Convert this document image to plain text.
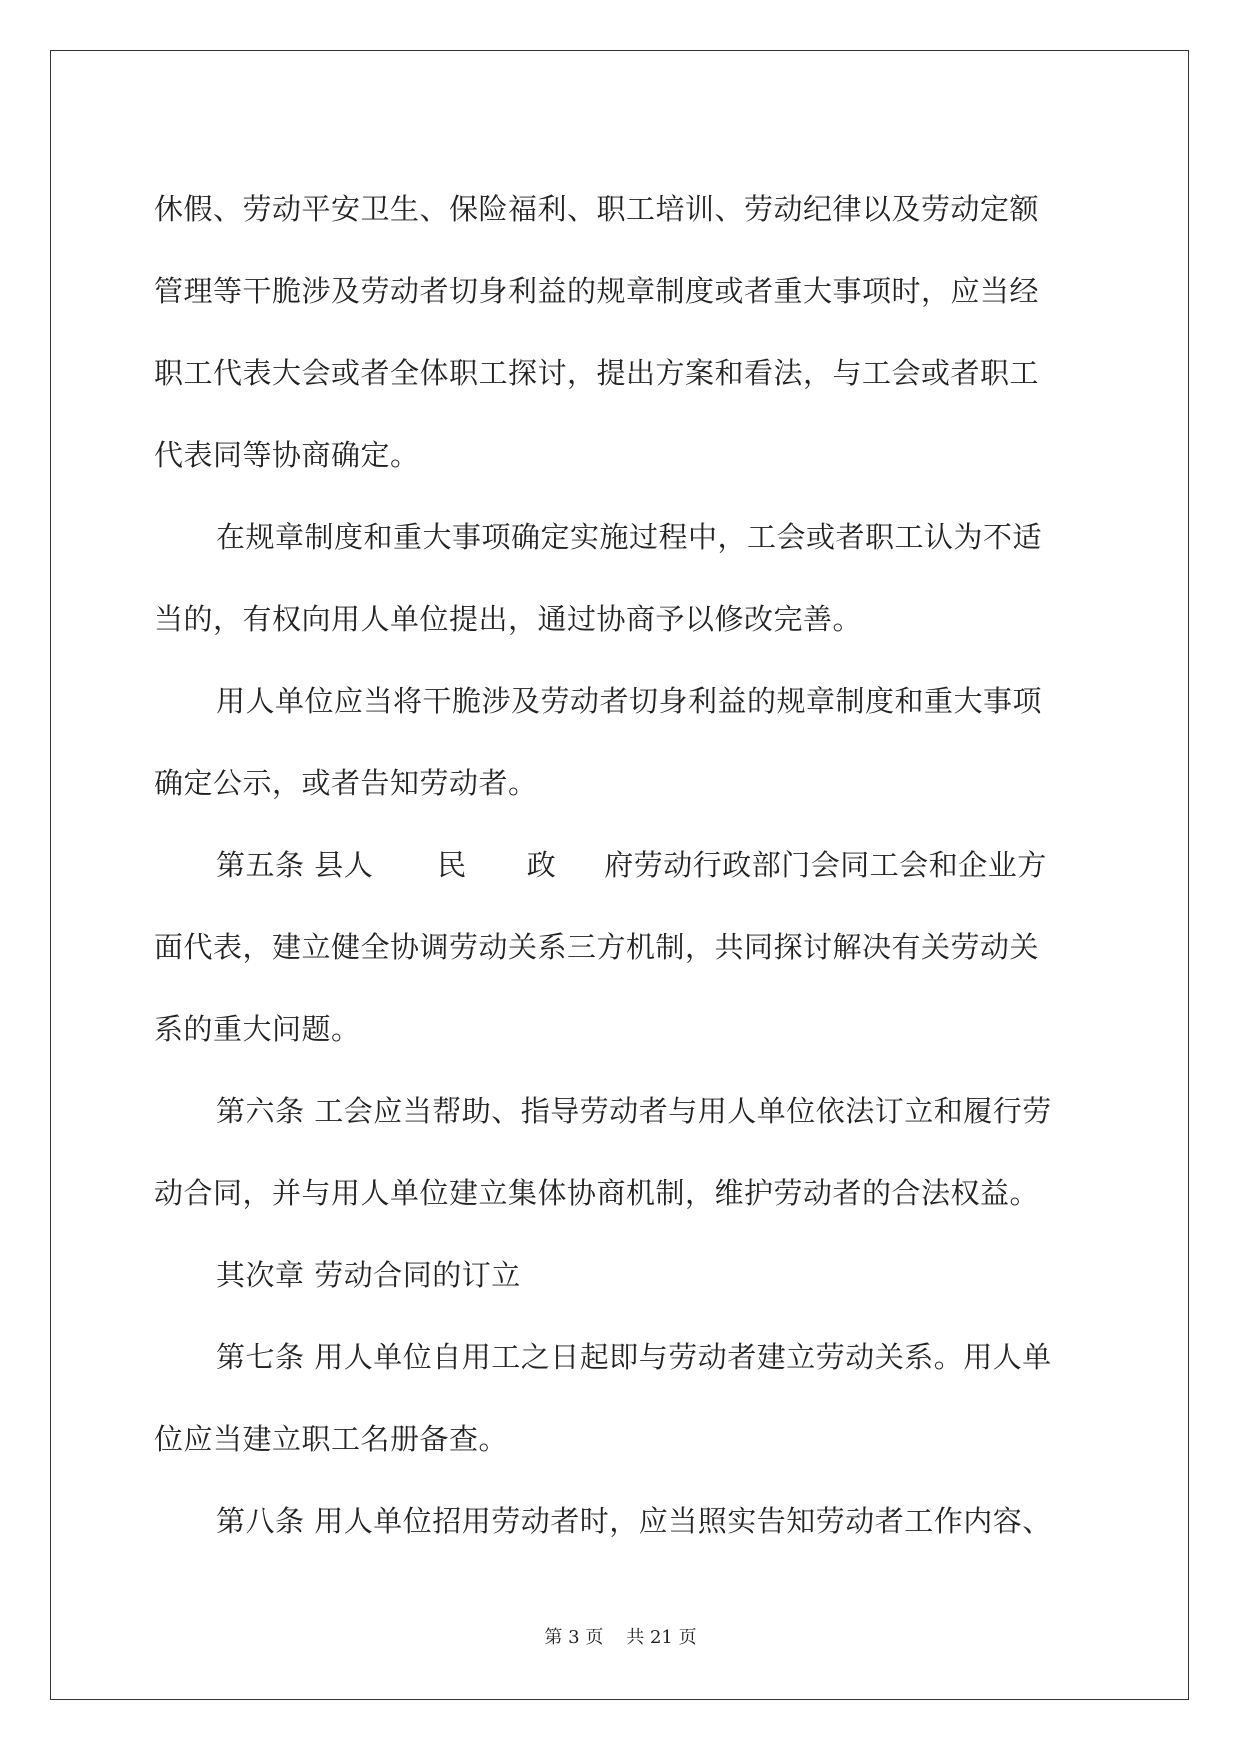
休假、劳动平安卫生、保险福利、职工培训、劳动纪律以及劳动定额
管理等干脆涉及劳动者切身利益的规章制度或者重大事项时，应当经
职工代表大会或者全体职工探讨，提出方案和看法，与工会或者职工
代表同等协商确定。

在规章制度和重大事项确定实施过程中，工会或者职工认为不适
当的，有权向用人单位提出，通过协商予以修改完善。

用人单位应当将干脆涉及劳动者切身利益的规章制度和重大事项
确定公示，或者告知劳动者。

第五条 县人 民 政 府劳动行政部门会同工会和企业方
面代表，建立健全协调劳动关系三方机制，共同探讨解决有关劳动关
系的重大问题。

第六条 工会应当帮助、指导劳动者与用人单位依法订立和履行劳
动合同，并与用人单位建立集体协商机制，维护劳动者的合法权益。

其次章 劳动合同的订立

第七条 用人单位自用工之日起即与劳动者建立劳动关系。用人单
位应当建立职工名册备查。

第八条 用人单位招用劳动者时，应当照实告知劳动者工作内容、

第 3 页 共 21 页
